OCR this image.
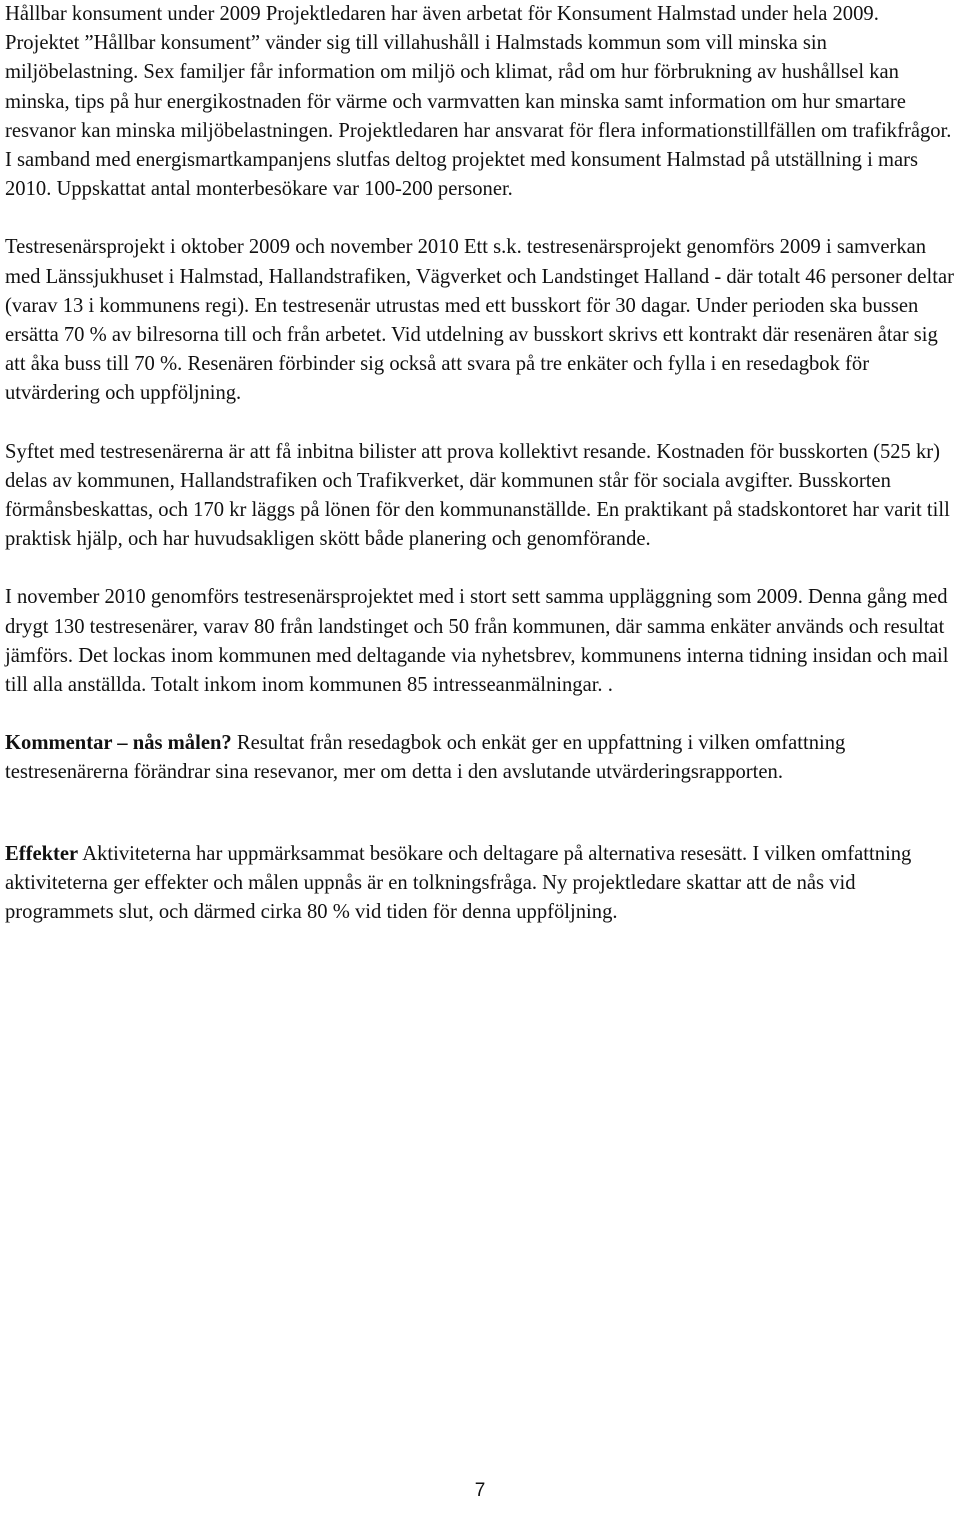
Hållbar konsument under 2009 Projektledaren har även arbetat för Konsument Halmstad under hela 2009. Projektet ”Hållbar konsument” vänder sig till villahushåll i Halmstads kommun som vill minska sin miljöbelastning. Sex familjer får information om miljö och klimat, råd om hur förbrukning av hushållsel kan minska, tips på hur energikostnaden för värme och varmvatten kan minska samt information om hur smartare resvanor kan minska miljöbelastningen. Projektledaren har ansvarat för flera informationstillfällen om trafikfrågor. I samband med energismartkampanjens slutfas deltog projektet med konsument Halmstad på utställning i mars 2010. Uppskattat antal monterbesökare var 100-200 personer.
Testresenärsprojekt i oktober 2009 och november 2010 Ett s.k. testresenärsprojekt genomförs 2009 i samverkan med Länssjukhuset i Halmstad, Hallandstrafiken, Vägverket och Landstinget Halland - där totalt 46 personer deltar (varav 13 i kommunens regi). En testresenär utrustas med ett busskort för 30 dagar. Under perioden ska bussen ersätta 70 % av bilresorna till och från arbetet. Vid utdelning av busskort skrivs ett kontrakt där resenären åtar sig att åka buss till 70 %. Resenären förbinder sig också att svara på tre enkäter och fylla i en resedagbok för utvärdering och uppföljning.
Syftet med testresenärerna är att få inbitna bilister att prova kollektivt resande. Kostnaden för busskorten (525 kr) delas av kommunen, Hallandstrafiken och Trafikverket, där kommunen står för sociala avgifter. Busskorten förmånsbeskattas, och 170 kr läggs på lönen för den kommunanställde. En praktikant på stadskontoret har varit till praktisk hjälp, och har huvudsakligen skött både planering och genomförande.
I november 2010 genomförs testresenärsprojektet med i stort sett samma uppläggning som 2009. Denna gång med drygt 130 testresenärer, varav 80 från landstinget och 50 från kommunen, där samma enkäter används och resultat jämförs. Det lockas inom kommunen med deltagande via nyhetsbrev, kommunens interna tidning insidan och mail till alla anställda. Totalt inkom inom kommunen 85 intresseanmälningar. .
Kommentar – nås målen? Resultat från resedagbok och enkät ger en uppfattning i vilken omfattning testresenärerna förändrar sina resevanor, mer om detta i den avslutande utvärderingsrapporten.
Effekter Aktiviteterna har uppmärksammat besökare och deltagare på alternativa resesätt. I vilken omfattning aktiviteterna ger effekter och målen uppnås är en tolkningsfråga. Ny projektledare skattar att de nås vid programmets slut, och därmed cirka 80 % vid tiden för denna uppföljning.
7
